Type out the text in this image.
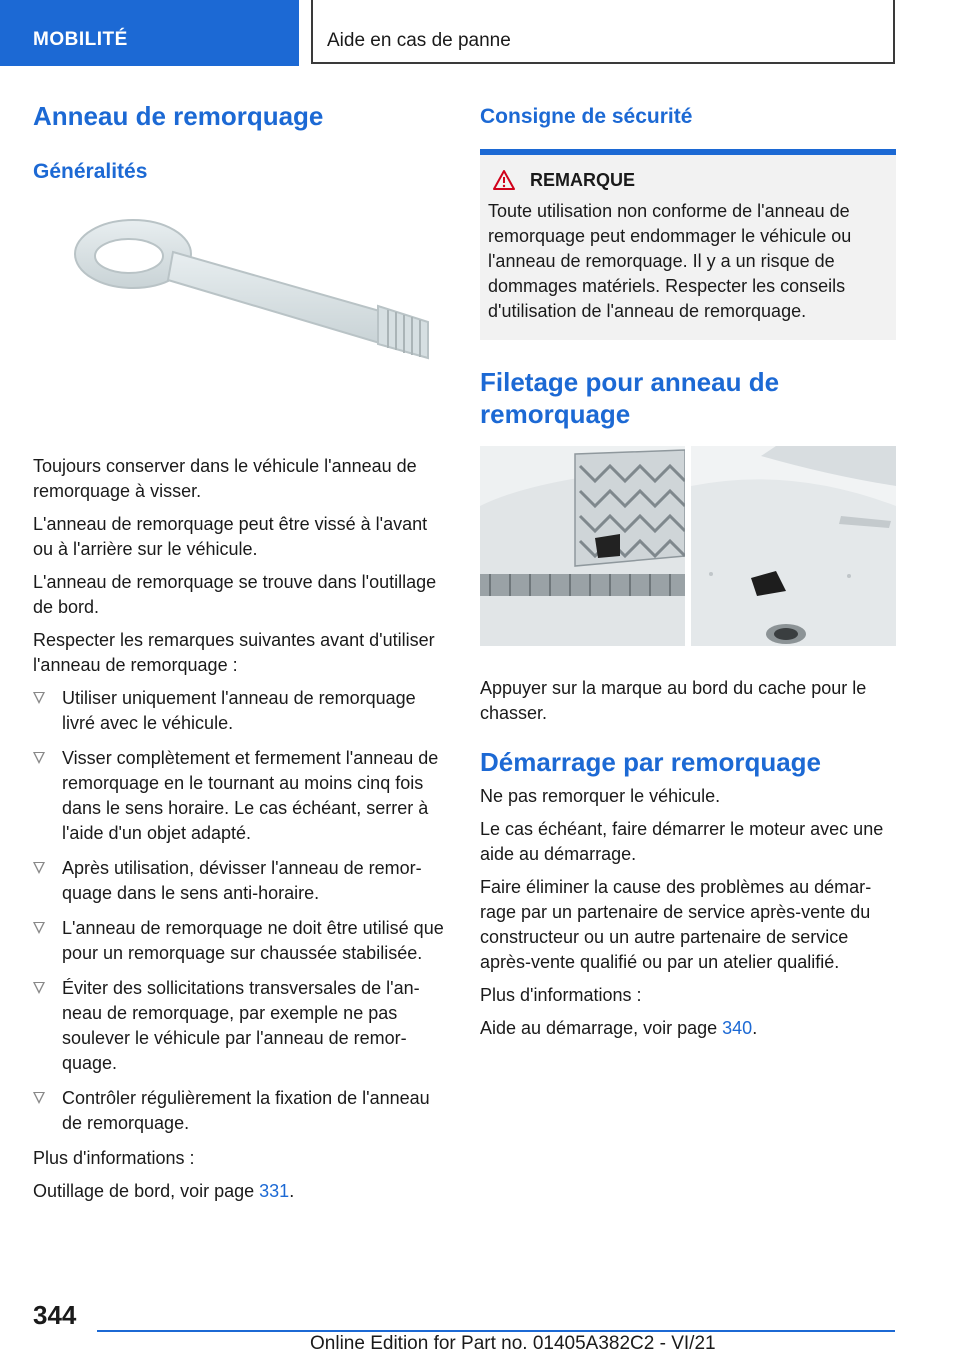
MOBILITÉ	Aide en cas de panne
Anneau de remorquage
Généralités

Toujours conserver dans le véhicule l'anneau de remorquage à visser.

L'anneau de remorquage peut être vissé à l'avant ou à l'arrière sur le véhicule.

L'anneau de remorquage se trouve dans l'outillage de bord.

Respecter les remarques suivantes avant d'utiliser l'anneau de remorquage :

Utiliser uniquement l'anneau de remorquage livré avec le véhicule.
Visser complètement et fermement l'anneau de remorquage en le tournant au moins cinq fois dans le sens horaire. Le cas échéant, serrer à l'aide d'un objet adapté.
Après utilisation, dévisser l'anneau de remorquage dans le sens anti-horaire.
L'anneau de remorquage ne doit être utilisé que pour un remorquage sur chaussée stabilisée.
Éviter des sollicitations transversales de l'anneau de remorquage, par exemple ne pas soulever le véhicule par l'anneau de remorquage.
Contrôler régulièrement la fixation de l'anneau de remorquage.

Plus d'informations :

Outillage de bord, voir page 331.

Consigne de sécurité
REMARQUE

Toute utilisation non conforme de l'anneau de remorquage peut endommager le véhicule ou l'anneau de remorquage. Il y a un risque de dommages matériels. Respecter les conseils d'utilisation de l'anneau de remorquage.

Filetage pour anneau de remorquage

Appuyer sur la marque au bord du cache pour le chasser.

Démarrage par remorquage

Ne pas remorquer le véhicule.

Le cas échéant, faire démarrer le moteur avec une aide au démarrage.

Faire éliminer la cause des problèmes au démarrage par un partenaire de service après-vente du constructeur ou un autre partenaire de service après-vente qualifié ou par un atelier qualifié.

Plus d'informations :

Aide au démarrage, voir page 340.

344
Online Edition for Part no. 01405A382C2 - VI/21
